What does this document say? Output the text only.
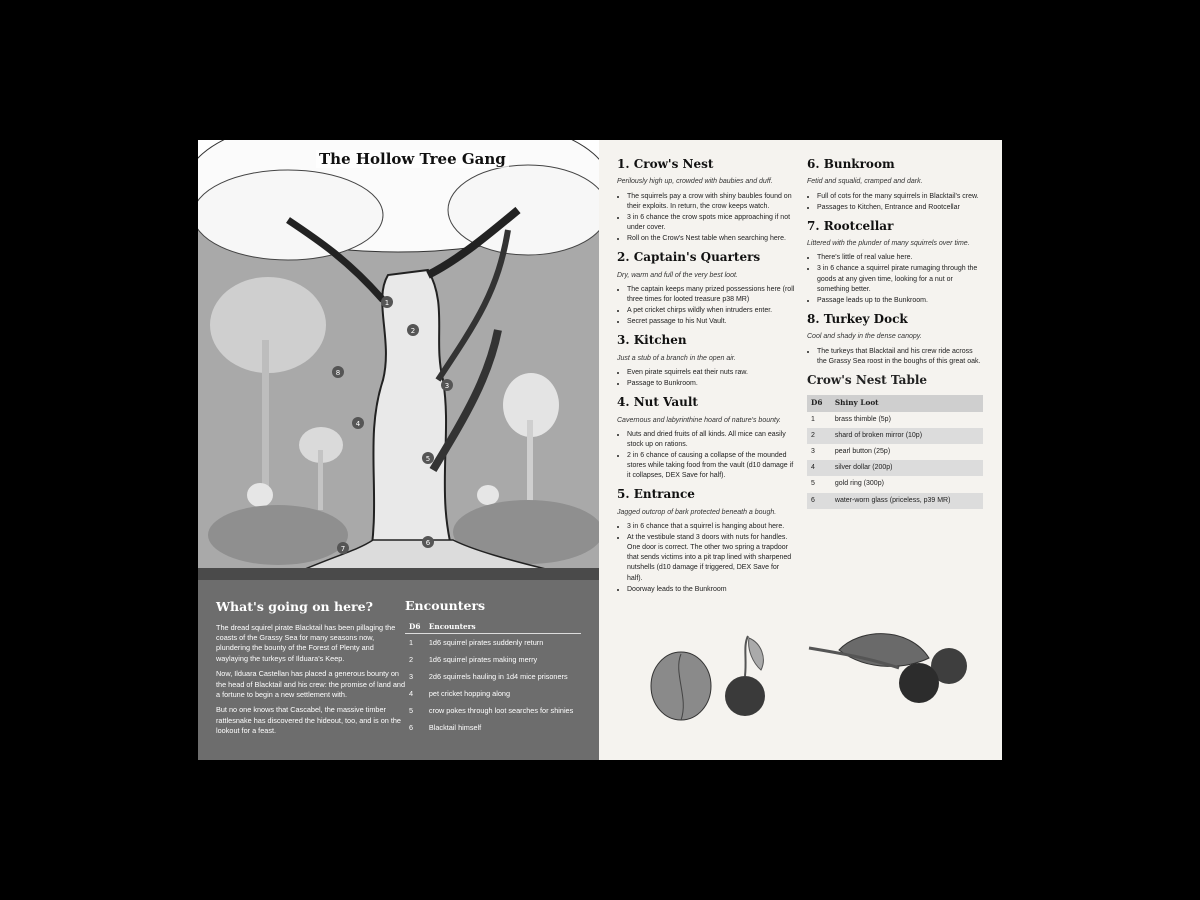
1
2
3
4
5
6
7
8
The Hollow Tree Gang
What's going on here?

The dread squirel pirate Blacktail has been pillaging the coasts of the Grassy Sea for many seasons now, plundering the bounty of the Forest of Plenty and waylaying the turkeys of Ilduara's Keep.

Now, Ilduara Castellan has placed a generous bounty on the head of Blacktail and his crew: the promise of land and a fortune to begin a new settlement with.

But no one knows that Cascabel, the massive timber rattlesnake has discovered the hideout, too, and is on the lookout for a feast.

Encounters
D6	Encounters
1	1d6 squirrel pirates suddenly return
2	1d6 squirrel pirates making merry
3	2d6 squirrels hauling in 1d4 mice prisoners
4	pet cricket hopping along
5	crow pokes through loot searches for shinies
6	Blacktail himself
1. Crow's Nest
Perilously high up, crowded with baubies and duff.
• The squirrels pay a crow with shiny baubles found on their exploits. In return, the crow keeps watch.
• 3 in 6 chance the crow spots mice approaching if not under cover.
• Roll on the Crow's Nest table when searching here.
2. Captain's Quarters
Dry, warm and full of the very best loot.
• The captain keeps many prized possessions here (roll three times for looted treasure p38 MR)
• A pet cricket chirps wildly when intruders enter.
• Secret passage to his Nut Vault.
3. Kitchen
Just a stub of a branch in the open air.
• Even pirate squirrels eat their nuts raw.
• Passage to Bunkroom.
4. Nut Vault
Cavernous and labyrinthine hoard of nature's bounty.
• Nuts and dried fruits of all kinds. All mice can easily stock up on rations.
• 2 in 6 chance of causing a collapse of the mounded stores while taking food from the vault (d10 damage if it collapses, DEX Save for half).
5. Entrance
Jagged outcrop of bark protected beneath a bough.
• 3 in 6 chance that a squirrel is hanging about here.
• At the vestibule stand 3 doors with nuts for handles. One door is correct. The other two spring a trapdoor that sends victims into a pit trap lined with sharpened nutshells (d10 damage if triggered, DEX Save for half).
• Doorway leads to the Bunkroom
6. Bunkroom
Fetid and squalid, cramped and dark.
• Full of cots for the many squirrels in Blacktail's crew.
• Passages to Kitchen, Entrance and Rootcellar
7. Rootcellar
Littered with the plunder of many squirrels over time.
• There's little of real value here.
• 3 in 6 chance a squirrel pirate rumaging through the goods at any given time, looking for a nut or something better.
• Passage leads up to the Bunkroom.
8. Turkey Dock
Cool and shady in the dense canopy.
• The turkeys that Blacktail and his crew ride across the Grassy Sea roost in the boughs of this great oak.
Crow's Nest Table
D6	Shiny Loot
1	brass thimble (5p)
2	shard of broken mirror (10p)
3	pearl button (25p)
4	silver dollar (200p)
5	gold ring (300p)
6	water-worn glass (priceless, p39 MR)
